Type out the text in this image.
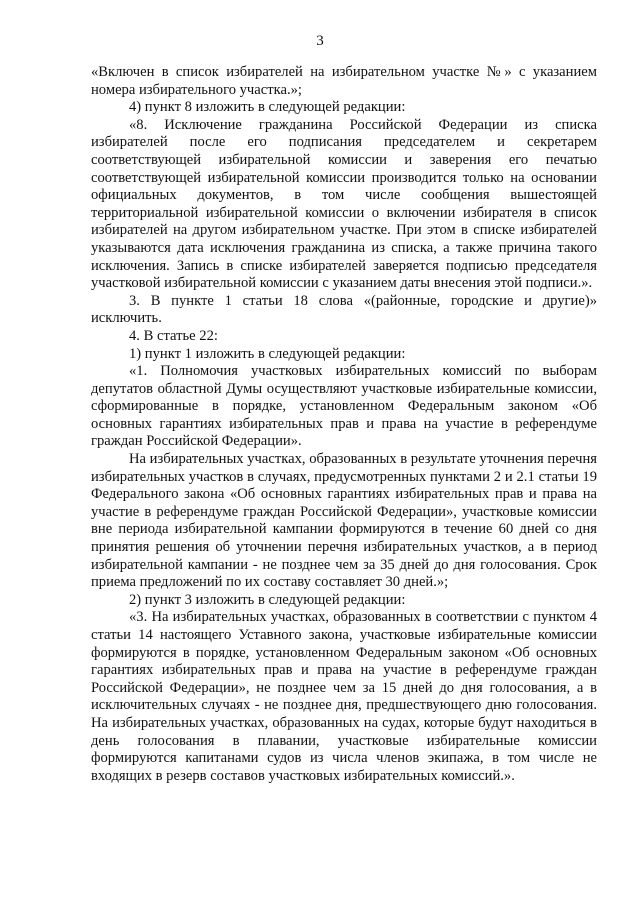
3

«Включен в список избирателей на избирательном участке №» с указанием номера избирательного участка.»;

4) пункт 8 изложить в следующей редакции:

«8. Исключение гражданина Российской Федерации из списка избирателей после его подписания председателем и секретарем соответствующей избирательной комиссии и заверения его печатью соответствующей избирательной комиссии производится только на основании официальных документов, в том числе сообщения вышестоящей территориальной избирательной комиссии о включении избирателя в список избирателей на другом избирательном участке. При этом в списке избирателей указываются дата исключения гражданина из списка, а также причина такого исключения. Запись в списке избирателей заверяется подписью председателя участковой избирательной комиссии с указанием даты внесения этой подписи.».

3. В пункте 1 статьи 18 слова «(районные, городские и другие)» исключить.

4. В статье 22:

1) пункт 1 изложить в следующей редакции:

«1. Полномочия участковых избирательных комиссий по выборам депутатов областной Думы осуществляют участковые избирательные комиссии, сформированные в порядке, установленном Федеральным законом «Об основных гарантиях избирательных прав и права на участие в референдуме граждан Российской Федерации».

На избирательных участках, образованных в результате уточнения перечня избирательных участков в случаях, предусмотренных пунктами 2 и 2.1 статьи 19 Федерального закона «Об основных гарантиях избирательных прав и права на участие в референдуме граждан Российской Федерации», участковые комиссии вне периода избирательной кампании формируются в течение 60 дней со дня принятия решения об уточнении перечня избирательных участков, а в период избирательной кампании - не позднее чем за 35 дней до дня голосования. Срок приема предложений по их составу составляет 30 дней.»;

2) пункт 3 изложить в следующей редакции:

«3. На избирательных участках, образованных в соответствии с пунктом 4 статьи 14 настоящего Уставного закона, участковые избирательные комиссии формируются в порядке, установленном Федеральным законом «Об основных гарантиях избирательных прав и права на участие в референдуме граждан Российской Федерации», не позднее чем за 15 дней до дня голосования, а в исключительных случаях - не позднее дня, предшествующего дню голосования. На избирательных участках, образованных на судах, которые будут находиться в день голосования в плавании, участковые избирательные комиссии формируются капитанами судов из числа членов экипажа, в том числе не входящих в резерв составов участковых избирательных комиссий.».
